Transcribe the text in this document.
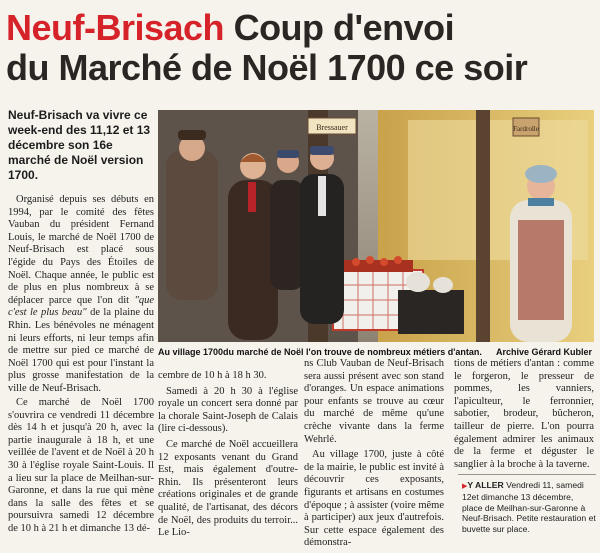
Neuf-Brisach Coup d'envoi
du Marché de Noël 1700 ce soir
Neuf-Brisach va vivre ce week-end des 11,12 et 13 décembre son 16e marché de Noël version 1700.

Organisé depuis ses débuts en 1994, par le comité des fêtes Vauban du président Fernand Louis, le marché de Noël 1700 de Neuf-Brisach est placé sous l'égide du Pays des Étoiles de Noël. Chaque année, le public est de plus en plus nombreux à se déplacer parce que l'on dit "que c'est le plus beau" de la plaine du Rhin. Les bénévoles ne ménagent ni leurs efforts, ni leur temps afin de mettre sur pied ce marché de Noël 1700 qui est pour l'instant la plus grosse manifestation de la ville de Neuf-Brisach.

Ce marché de Noël 1700 s'ouvrira ce vendredi 11 décembre dès 14 h et jusqu'à 20 h, avec la partie inaugurale à 18 h, et une veillée de l'avent et de Noël à 20 h 30 à l'église royale Saint-Louis. Il a lieu sur la place de Meilhan-sur-Garonne, et dans la rue qui mène dans la salle des fêtes et se poursuivra samedi 12 décembre de 10 h à 21 h et dimanche 13 dé-

Fardrolle
Bressauer
Au village 1700du marché de Noël l'on trouve de nombreux métiers d'antan. Archive Gérard Kubler

cembre de 10 h à 18 h 30.

Samedi à 20 h 30 à l'église royale un concert sera donné par la chorale Saint-Joseph de Calais (lire ci-dessous).

Ce marché de Noël accueillera 12 exposants venant du Grand Est, mais également d'outre-Rhin. Ils présenteront leurs créations originales et de grande qualité, de l'artisanat, des décors de Noël, des produits du terroir... Le Lio-

ns Club Vauban de Neuf-Brisach sera aussi présent avec son stand d'oranges. Un espace animations pour enfants se trouve au cœur du marché de même qu'une crèche vivante dans la ferme Wehrlé.

Au village 1700, juste à côté de la mairie, le public est invité à découvrir ces exposants, figurants et artisans en costumes d'époque ; à assister (voire même à participer) aux jeux d'autrefois. Sur cette espace également des démonstra-

tions de métiers d'antan : comme le forgeron, le presseur de pommes, les vanniers, l'apiculteur, le ferronnier, sabotier, brodeur, bûcheron, tailleur de pierre. L'on pourra également admirer les animaux de la ferme et déguster le sanglier à la broche à la taverne.

▶Y ALLER Vendredi 11, samedi 12et dimanche 13 décembre, place de Meilhan-sur-Garonne à Neuf-Brisach. Petite restauration et buvette sur place.
